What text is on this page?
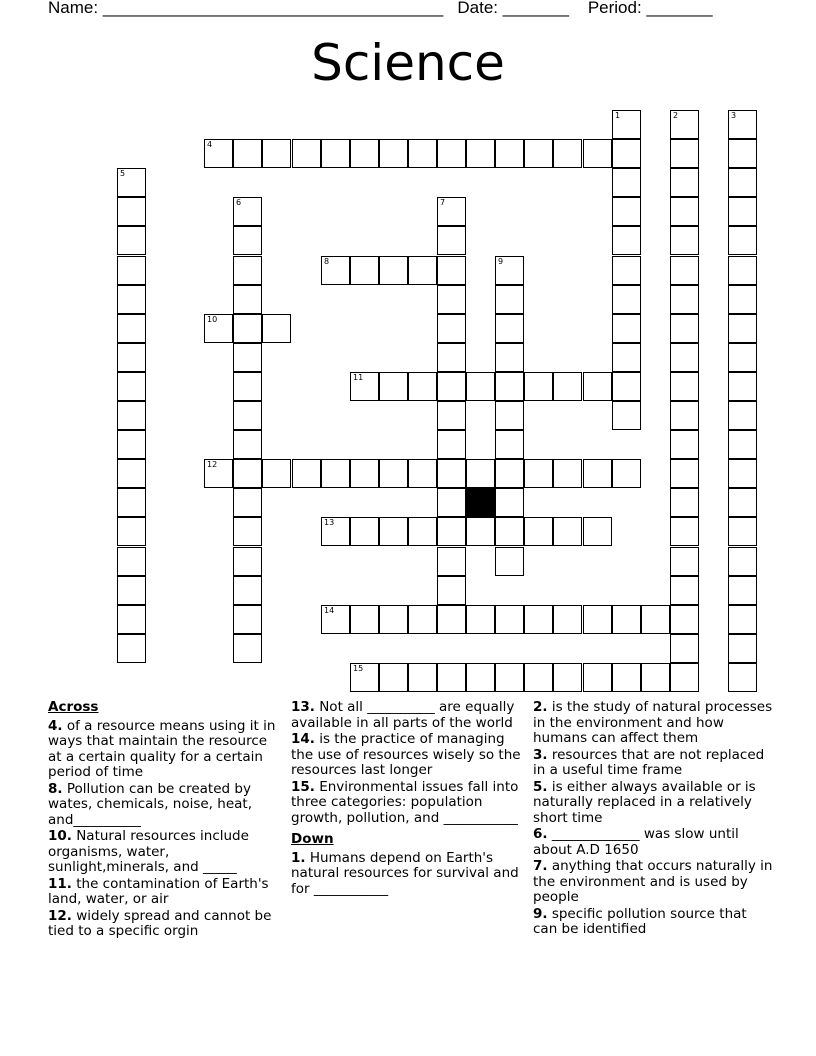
Name: ____________________________________ Date: _______ Period: _______
Science
1	2	3
4
5
6	7
8	9
10
11
12
13
14
15
Across
4. of a resource means using it in ways that maintain the resource at a certain quality for a certain period of time
8. Pollution can be created by wates, chemicals, noise, heat, and__________
10. Natural resources include organisms, water, sunlight,minerals, and _____
11. the contamination of Earth's land, water, or air
12. widely spread and cannot be tied to a specific orgin
13. Not all __________ are equally available in all parts of the world
14. is the practice of managing the use of resources wisely so the resources last longer
15. Environmental issues fall into three categories: population growth, pollution, and ___________
Down
1. Humans depend on Earth's natural resources for survival and for ___________
2. is the study of natural processes in the environment and how humans can affect them
3. resources that are not replaced in a useful time frame
5. is either always available or is naturally replaced in a relatively short time
6. _____________ was slow until about A.D 1650
7. anything that occurs naturally in the environment and is used by people
9. specific pollution source that can be identified
